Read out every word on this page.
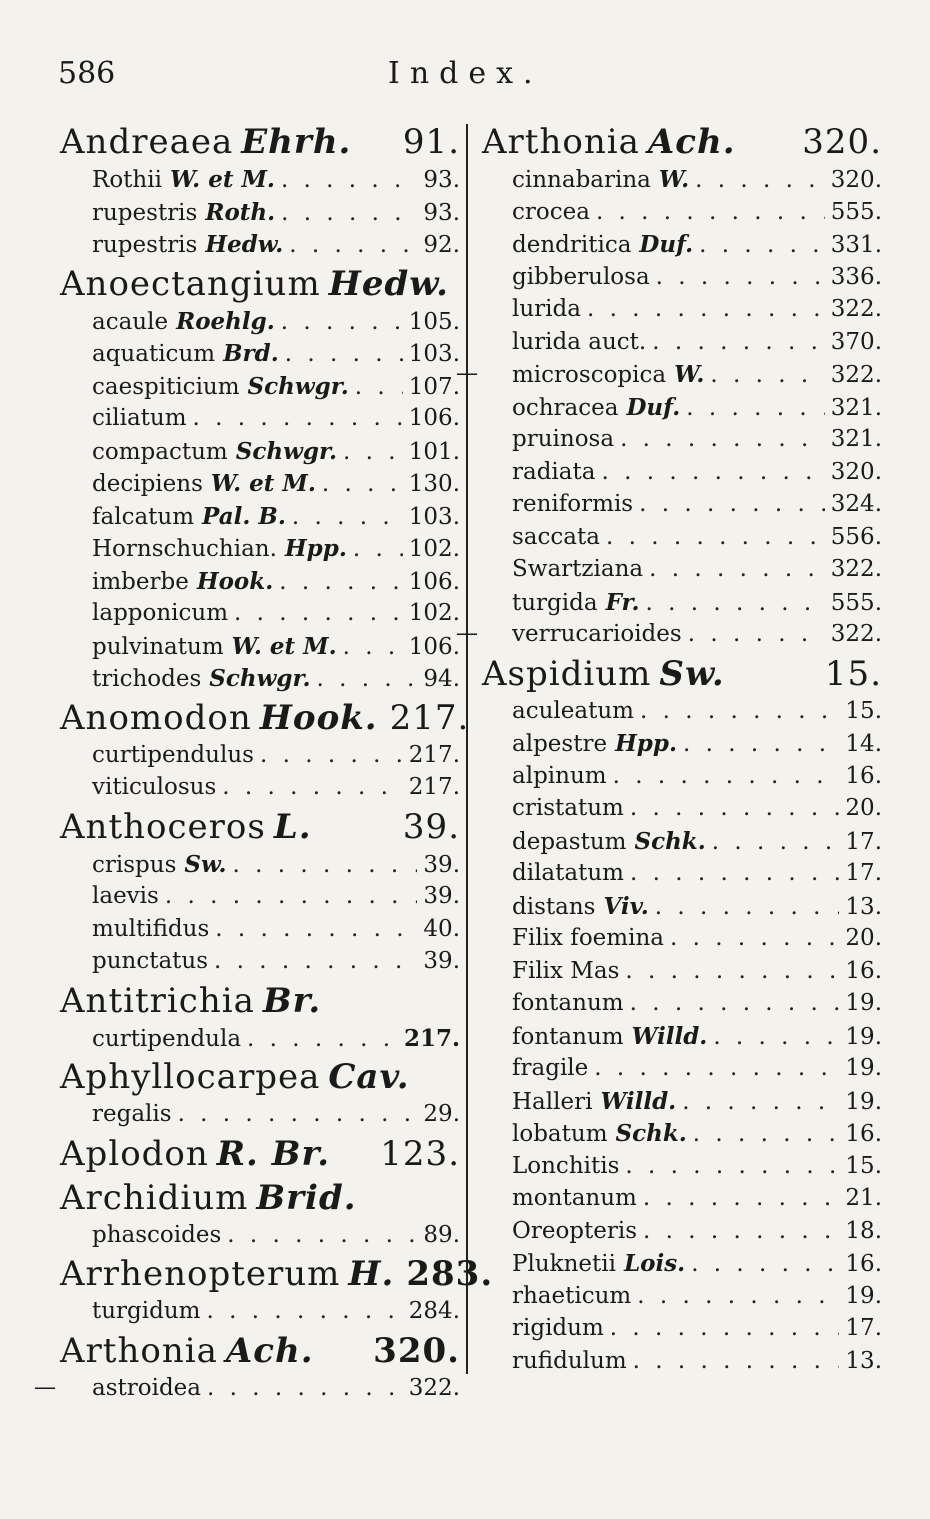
586	Index.
Andreaea Ehrh. 91 .
Rothii W. et M. . . .	93 .
rupestris Roth. . . .	93 .
rupestris Hedw. . . .	92 .
Anoectangium Hedw.
acaule Roehlg. . . .	105 .
aquaticum Brd. . . .	103 .
caespiticium Schwgr. . . .	107 .
ciliatum . . .	106 .
compactum Schwgr. . . .	101 .
decipiens W. et M. . . .	130 .
falcatum Pal. B. . . .	103 .
Hornschuchian. Hpp. . . .	102 .
imberbe Hook. . . .	106 .
lapponicum . . .	102 .
pulvinatum W. et M. . . .	106 .
trichodes Schwgr. . . .	94 .
Anomodon Hook. 217 .
curtipendulus . . .	217 .
viticulosus . . .	217 .
Anthoceros L.	39 .
crispus Sw. . . .	39 .
laevis . . .	39 .
multifidus . . .	40 .
punctatus . . .	39 .
Antitrichia Br.
curtipendula . . .	217 .
Aphyllocarpea Cav.
regalis . . .	29 .
Aplodon R. Br. 123 .
Archidium Brid.
phascoides . . .	89 .
Arrhenopterum H. 283 .
turgidum . . .	284 .
Arthonia Ach. 320 .
— astroidea . . .	322 .
Arthonia Ach. 320 .
cinnabarina W. . . .	320 .
crocea . . .	555 .
dendritica Duf. . . .	331 .
gibberulosa . . .	336 .
lurida . . .	322 .
lurida auct. . . .	370 .
— microscopica W. . . .	322 .
ochracea Duf. . . .	321 .
pruinosa . . .	321 .
radiata . . .	320 .
reniformis . . .	324 .
saccata . . .	556 .
Swartziana . . .	322 .
turgida Fr. . . .	555 .
— verrucarioides . . .	322 .
Aspidium Sw.	15 .
aculeatum . . .	15 .
alpestre Hpp. . . .	14 .
alpinum . . .	16 .
cristatum . . .	20 .
depastum Schk. . . .	17 .
dilatatum . . .	17 .
distans Viv. . . .	13 .
Filix foemina . . .	20 .
Filix Mas . . .	16 .
fontanum . . .	19 .
fontanum Willd. . . .	19 .
fragile . . .	19 .
Halleri Willd. . . .	19 .
lobatum Schk. . . .	16 .
Lonchitis . . .	15 .
montanum . . .	21 .
Oreopteris . . .	18 .
Pluknetii Lois. . . .	16 .
rhaeticum . . .	19 .
rigidum . . .	17 .
rufidulum . . .	13 .
